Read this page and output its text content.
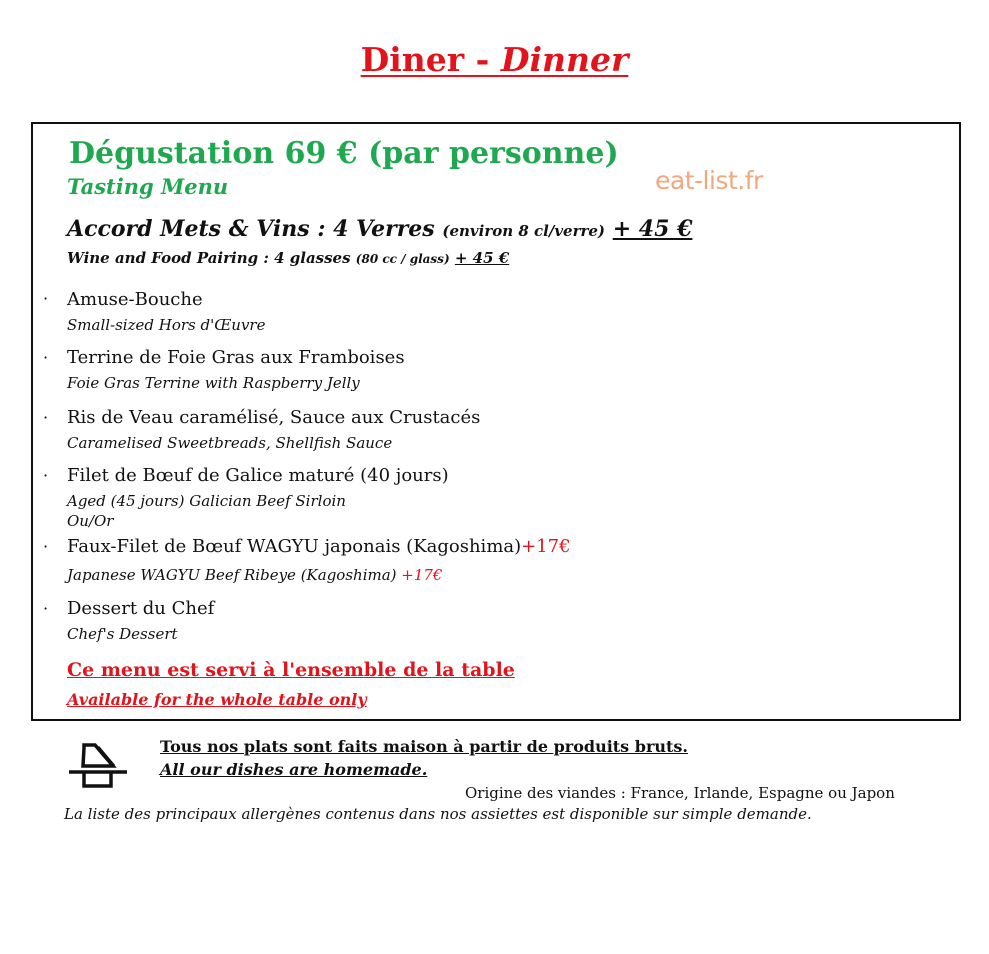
Diner - Dinner
Dégustation 69 € (par personne)
Tasting Menu	eat-list.fr
Accord Mets & Vins : 4 Verres (environ 8 cl/verre) + 45 €
Wine and Food Pairing : 4 glasses (80 cc / glass) + 45 €
· Amuse-Bouche
Small-sized Hors d'Œuvre
· Terrine de Foie Gras aux Framboises
Foie Gras Terrine with Raspberry Jelly
· Ris de Veau caramélisé, Sauce aux Crustacés
Caramelised Sweetbreads, Shellfish Sauce
· Filet de Bœuf de Galice maturé (40 jours)
Aged (45 jours) Galician Beef Sirloin
Ou/Or
· Faux-Filet de Bœuf WAGYU japonais (Kagoshima)+17€
Japanese WAGYU Beef Ribeye (Kagoshima) +17€
· Dessert du Chef
Chef's Dessert
Ce menu est servi à l'ensemble de la table
Available for the whole table only
Tous nos plats sont faits maison à partir de produits bruts.
All our dishes are homemade.
Origine des viandes : France, Irlande, Espagne ou Japon
La liste des principaux allergènes contenus dans nos assiettes est disponible sur simple demande.
